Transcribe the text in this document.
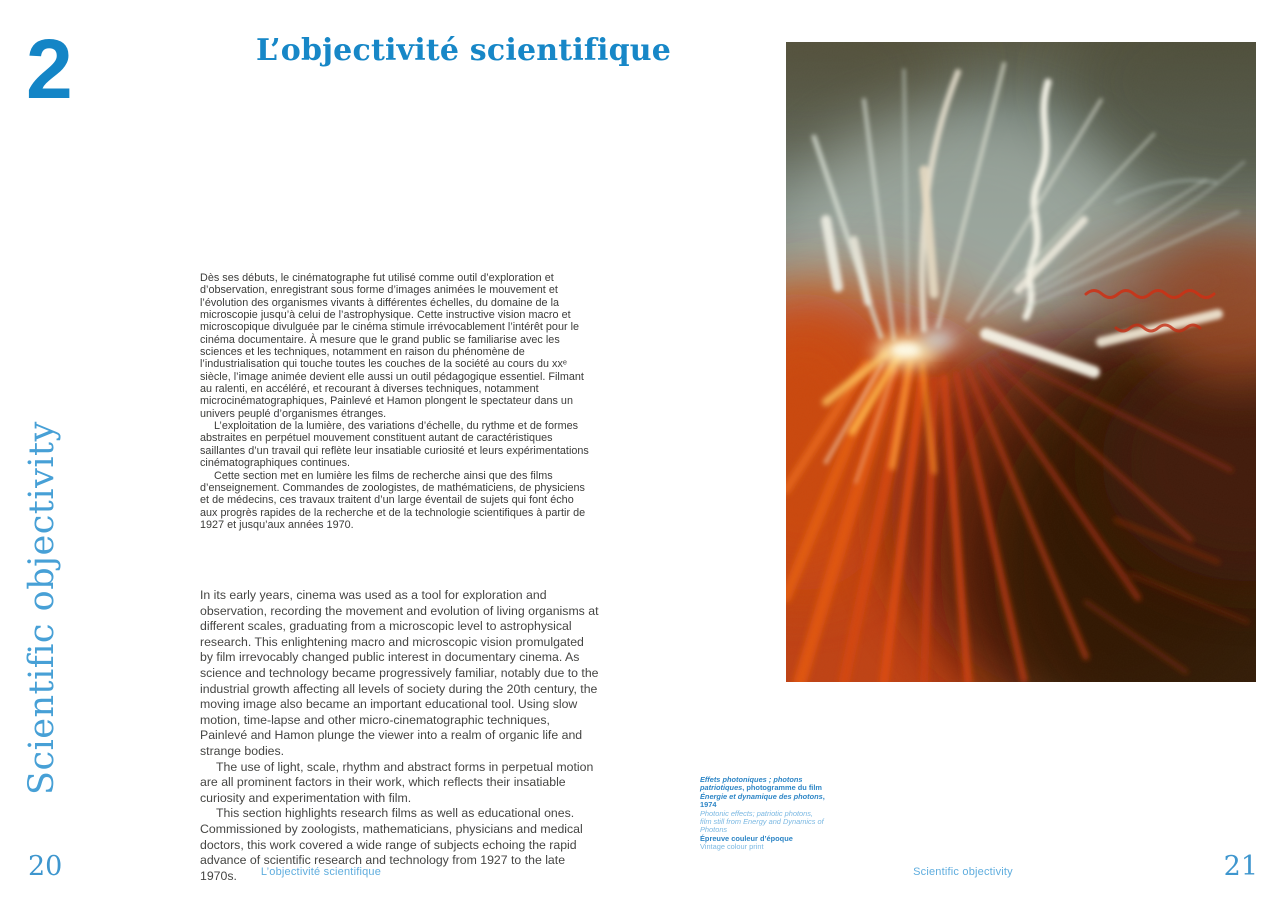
2	L’objectivité scientifique
Scientific objectivity

Dès ses débuts, le cinématographe fut utilisé comme outil d’exploration et d’observation, enregistrant sous forme d’images animées le mouvement et l’évolution des organismes vivants à différentes échelles, du domaine de la microscopie jusqu’à celui de l’astrophysique. Cette instructive vision macro et microscopique divulguée par le cinéma stimule irrévocablement l’intérêt pour le cinéma documentaire. À mesure que le grand public se familiarise avec les sciences et les techniques, notamment en raison du phénomène de l’industrialisation qui touche toutes les couches de la société au cours du xxᵉ siècle, l’image animée devient elle aussi un outil pédagogique essentiel. Filmant au ralenti, en accéléré, et recourant à diverses techniques, notamment microcinématographiques, Painlevé et Hamon plongent le spectateur dans un univers peuplé d’organismes étranges.

L’exploitation de la lumière, des variations d’échelle, du rythme et de formes abstraites en perpétuel mouvement constituent autant de caractéristiques saillantes d’un travail qui reflète leur insatiable curiosité et leurs expérimentations cinématographiques continues.

Cette section met en lumière les films de recherche ainsi que des films d’enseignement. Commandes de zoologistes, de mathématiciens, de physiciens et de médecins, ces travaux traitent d’un large éventail de sujets qui font écho aux progrès rapides de la recherche et de la technologie scientifiques à partir de 1927 et jusqu’aux années 1970.

In its early years, cinema was used as a tool for exploration and observation, recording the movement and evolution of living organisms at different scales, graduating from a microscopic level to astrophysical research. This enlightening macro and microscopic vision promulgated by film irrevocably changed public interest in documentary cinema. As science and technology became progressively familiar, notably due to the industrial growth affecting all levels of society during the 20th century, the moving image also became an important educational tool. Using slow motion, time-lapse and other micro-cinematographic techniques, Painlevé and Hamon plunge the viewer into a realm of organic life and strange bodies.

The use of light, scale, rhythm and abstract forms in perpetual motion are all prominent factors in their work, which reflects their insatiable curiosity and experimentation with film.

This section highlights research films as well as educational ones. Commissioned by zoologists, mathematicians, physicians and medical doctors, this work covered a wide range of subjects echoing the rapid advance of scientific research and technology from 1927 to the late 1970s.

Effets photoniques ; photons patriotiques, photogramme du film Énergie et dynamique des photons, 1974
Photonic effects; patriotic photons, film still from Energy and Dynamics of Photons
Épreuve couleur d’époque
Vintage colour print
20	L’objectivité scientifique	Scientific objectivity	21
